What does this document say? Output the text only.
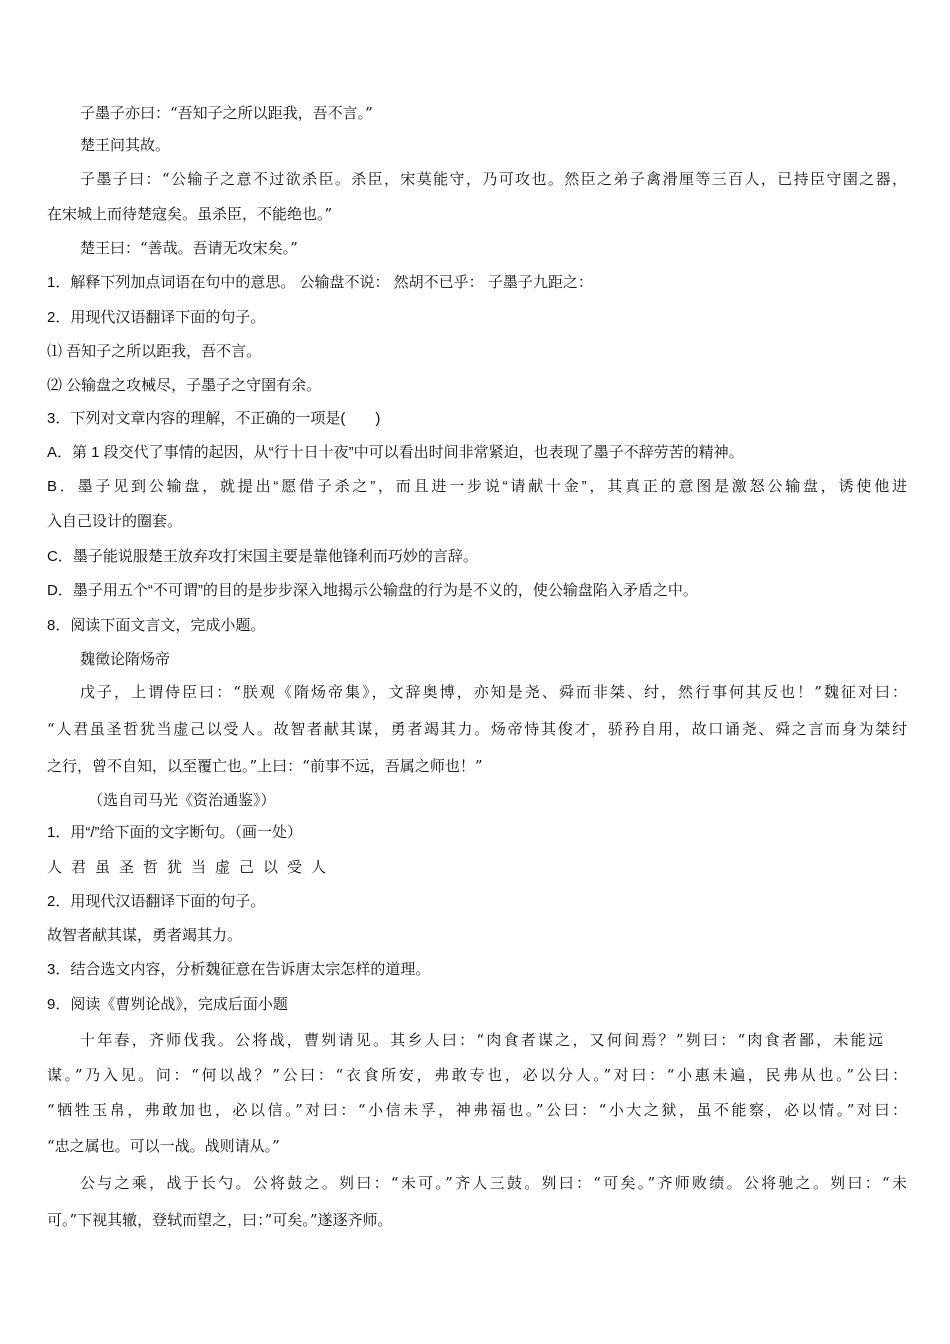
子墨子亦曰：“吾知子之所以距我，吾不言。”
楚王问其故。
子墨子曰：“公输子之意不过欲杀臣。杀臣，宋莫能守，乃可攻也。然臣之弟子禽滑厘等三百人，已持臣守圉之器，
在宋城上而待楚寇矣。虽杀臣，不能绝也。”
楚王曰：“善哉。吾请无攻宋矣。”
1．解释下列加点词语在句中的意思。 公输盘不说： 然胡不已乎： 子墨子九距之：
2．用现代汉语翻译下面的句子。
⑴ 吾知子之所以距我，吾不言。
⑵ 公输盘之攻械尽，子墨子之守圉有余。
3．下列对文章内容的理解，不正确的一项是(　　)
A．第 1 段交代了事情的起因，从“行十日十夜”中可以看出时间非常紧迫，也表现了墨子不辞劳苦的精神。
B．墨子见到公输盘，就提出“愿借子杀之”，而且进一步说“请献十金”，其真正的意图是激怒公输盘，诱使他进
入自己设计的圈套。
C．墨子能说服楚王放弃攻打宋国主要是靠他锋利而巧妙的言辞。
D．墨子用五个“不可谓”的目的是步步深入地揭示公输盘的行为是不义的，使公输盘陷入矛盾之中。
8．阅读下面文言文，完成小题。
魏徵论隋炀帝
戊子，上谓侍臣曰：“朕观《隋炀帝集》，文辞奥博，亦知是尧、舜而非桀、纣，然行事何其反也！”魏征对曰：
“人君虽圣哲犹当虚己以受人。故智者献其谋，勇者竭其力。炀帝恃其俊才，骄矜自用，故口诵尧、舜之言而身为桀纣
之行，曾不自知，以至覆亡也。”上曰：“前事不远，吾属之师也！”
（选自司马光《资治通鉴》）
1．用“/”给下面的文字断句。（画一处）
人君虽圣哲犹当虚己以受人
2．用现代汉语翻译下面的句子。
故智者献其谋，勇者竭其力。
3．结合选文内容，分析魏征意在告诉唐太宗怎样的道理。
9．阅读《曹刿论战》，完成后面小题
十年春，齐师伐我。公将战，曹刿请见。其乡人曰：“肉食者谋之，又何间焉？”刿曰：“肉食者鄙，未能远
谋。”乃入见。问：“何以战？”公曰：“衣食所安，弗敢专也，必以分人。”对曰：“小惠未遍，民弗从也。”公曰：
“牺牲玉帛，弗敢加也，必以信。”对曰：“小信未孚，神弗福也。”公曰：“小大之狱，虽不能察，必以情。”对曰：
“忠之属也。可以一战。战则请从。”
公与之乘，战于长勺。公将鼓之。刿曰：“未可。”齐人三鼓。刿曰：“可矣。”齐师败绩。公将驰之。刿曰：“未
可。”下视其辙，登轼而望之，曰：”可矣。”遂逐齐师。
